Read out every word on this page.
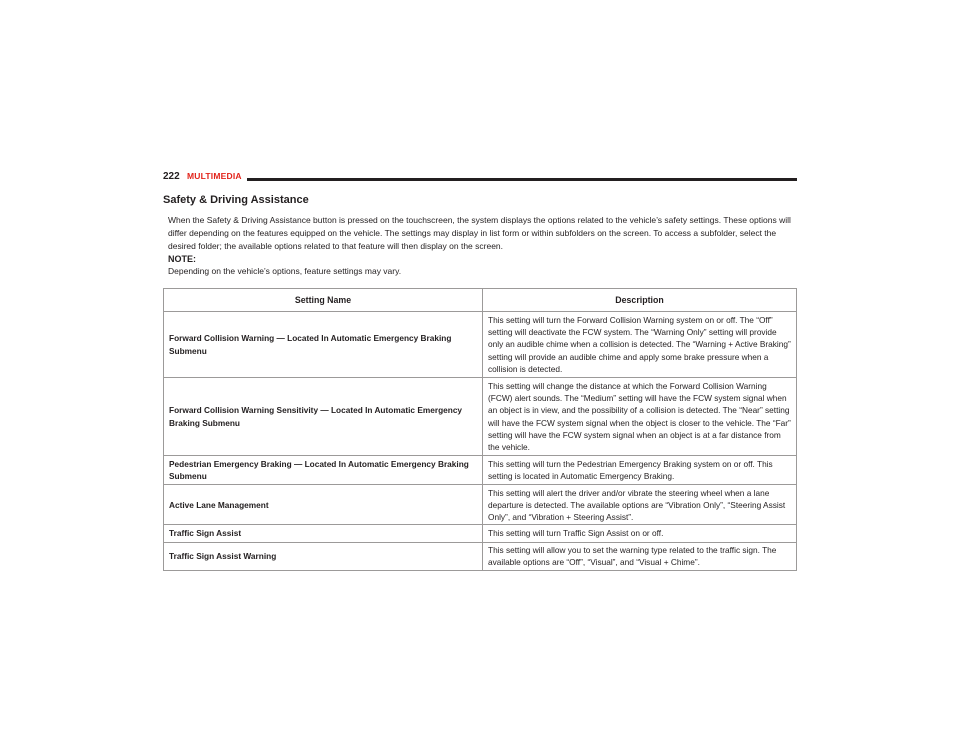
222 MULTIMEDIA
Safety & Driving Assistance

When the Safety & Driving Assistance button is pressed on the touchscreen, the system displays the options related to the vehicle’s safety settings. These options will differ depending on the features equipped on the vehicle. The settings may display in list form or within subfolders on the screen. To access a subfolder, select the desired folder; the available options related to that feature will then display on the screen.

NOTE:
Depending on the vehicle’s options, feature settings may vary.
Setting Name	Description
Forward Collision Warning — Located In Automatic Emergency Braking Submenu	This setting will turn the Forward Collision Warning system on or off. The “Off” setting will deactivate the FCW system. The “Warning Only” setting will provide only an audible chime when a collision is detected. The “Warning + Active Braking” setting will provide an audible chime and apply some brake pressure when a collision is detected.
Forward Collision Warning Sensitivity — Located In Automatic Emergency Braking Submenu	This setting will change the distance at which the Forward Collision Warning (FCW) alert sounds. The “Medium” setting will have the FCW system signal when an object is in view, and the possibility of a collision is detected. The “Near” setting will have the FCW system signal when the object is closer to the vehicle. The “Far” setting will have the FCW system signal when an object is at a far distance from the vehicle.
Pedestrian Emergency Braking — Located In Automatic Emergency Braking Submenu	This setting will turn the Pedestrian Emergency Braking system on or off. This setting is located in Automatic Emergency Braking.
Active Lane Management	This setting will alert the driver and/or vibrate the steering wheel when a lane departure is detected. The available options are “Vibration Only”, “Steering Assist Only”, and “Vibration + Steering Assist”.
Traffic Sign Assist	This setting will turn Traffic Sign Assist on or off.
Traffic Sign Assist Warning	This setting will allow you to set the warning type related to the traffic sign. The available options are “Off”, “Visual”, and “Visual + Chime”.
